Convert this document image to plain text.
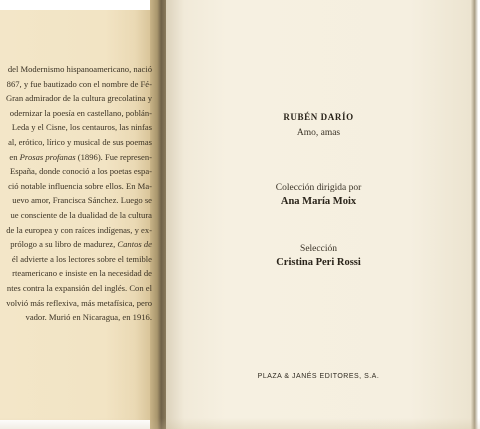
del Modernismo hispanoamericano, nació
867, y fue bautizado con el nombre de Fé-
Gran admirador de la cultura grecolatina y
odernizar la poesía en castellano, poblán-
Leda y el Cisne, los centauros, las ninfas
al, erótico, lírico y musical de sus poemas
en Prosas profanas (1896). Fue represen-
España, donde conoció a los poetas espa-
ció notable influencia sobre ellos. En Ma-
uevo amor, Francisca Sánchez. Luego se
ue consciente de la dualidad de la cultura
de la europea y con raíces indígenas, y ex-
prólogo a su libro de madurez, Cantos de
él advierte a los lectores sobre el temible
rteamericano e insiste en la necesidad de
ntes contra la expansión del inglés. Con el
volvió más reflexiva, más metafísica, pero
vador. Murió en Nicaragua, en 1916.
RUBÉN DARÍO
Amo, amas
Colección dirigida por
Ana María Moix
Selección
Cristina Peri Rossi
PLAZA & JANÉS EDITORES, S.A.
